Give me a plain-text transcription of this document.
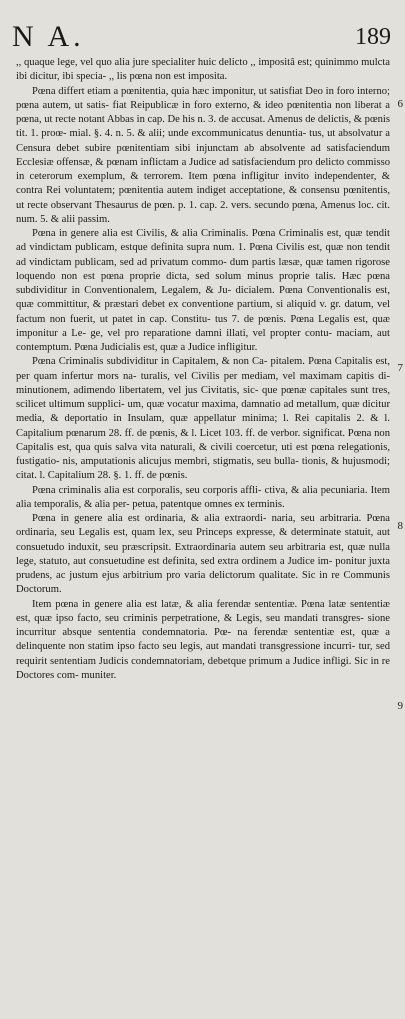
N A.	189

,, quaque lege, vel quo alia jure specialiter huic delicto ,, impositâ est; quinimmo mulcta ibi dicitur, ibi specia- ,, lis pœna non est imposita.

Pœna differt etiam a pœnitentia, quia hæc imponitur, ut satisfiat Deo in foro interno; pœna autem, ut satis- fiat Reipublicæ in foro externo, & ideo pœnitentia non liberat a pœna, ut recte notant Abbas in cap. De his n. 3. de accusat. Amenus de delictis, & pœnis tit. 1. proœ- mial. §. 4. n. 5. & alii; unde excommunicatus denuntia- tus, ut absolvatur a Censura debet subire pœnitentiam sibi injunctam ab absolvente ad satisfaciendum Ecclesiæ offensæ, & pœnam inflictam a Judice ad satisfaciendum pro delicto commisso in ceterorum exemplum, & terrorem. Item pœna infligitur invito independenter, & contra Rei voluntatem; pœnitentia autem indiget acceptatione, & consensu pœnitentis, ut recte observant Thesaurus de pœn. p. 1. cap. 2. vers. secundo pœna, Amenus loc. cit. num. 5. & alii passim.

Pœna in genere alia est Civilis, & alia Criminalis. Pœna Criminalis est, quæ tendit ad vindictam publicam, estque definita supra num. 1. Pœna Civilis est, quæ non tendit ad vindictam publicam, sed ad privatum commo- dum partis læsæ, quæ tamen rigorose loquendo non est pœna proprie dicta, sed solum minus proprie talis. Hæc pœna subdividitur in Conventionalem, Legalem, & Ju- dicialem. Pœna Conventionalis est, quæ committitur, & præstari debet ex conventione partium, si aliquid v. gr. datum, vel factum non fuerit, ut patet in cap. Constitu- tus 7. de pœnis. Pœna Legalis est, quæ imponitur a Le- ge, vel pro reparatione damni illati, vel propter contu- maciam, aut contemptum. Pœna Judicialis est, quæ a Judice infligitur.

Pœna Criminalis subdividitur in Capitalem, & non Ca- pitalem. Pœna Capitalis est, per quam infertur mors na- turalis, vel Civilis per mediam, vel maximam capitis di- minutionem, adimendo libertatem, vel jus Civitatis, sic- que pœnæ capitales sunt tres, scilicet ultimum supplici- um, quæ vocatur maxima, damnatio ad metallum, quæ dicitur media, & deportatio in Insulam, quæ appellatur minima; l. Rei capitalis 2. & l. Capitalium pœnarum 28. ff. de pœnis, & l. Licet 103. ff. de verbor. significat. Pœna non Capitalis est, qua quis salva vita naturali, & civili coercetur, uti est pœna relegationis, fustigatio- nis, amputationis alicujus membri, stigmatis, seu bulla- tionis, & hujusmodi; citat. l. Capitalium 28. §. 1. ff. de pœnis.

Pœna criminalis alia est corporalis, seu corporis affli- ctiva, & alia pecuniaria. Item alia temporalis, & alia per- petua, patentque omnes ex terminis.

Pœna in genere alia est ordinaria, & alia extraordi- naria, seu arbitraria. Pœna ordinaria, seu Legalis est, quam lex, seu Princeps expresse, & determinate statuit, aut consuetudo induxit, seu præscripsit. Extraordinaria autem seu arbitraria est, quæ nulla lege, statuto, aut consuetudine est definita, sed extra ordinem a Judice im- ponitur juxta prudens, ac justum ejus arbitrium pro varia delictorum qualitate. Sic in re Communis Doctorum.

Item pœna in genere alia est latæ, & alia ferendæ sententiæ. Pœna latæ sententiæ est, quæ ipso facto, seu criminis perpetratione, & Legis, seu mandati transgres- sione incurritur absque sententia condemnatoria. Pœ- na ferendæ sententiæ est, quæ a delinquente non statim ipso facto seu legis, aut mandati transgressione incurri- tur, sed requirit sententiam Judicis condemnatoriam, debetque primum a Judice infligi. Sic in re Doctores com- muniter.

6
7
8
9
